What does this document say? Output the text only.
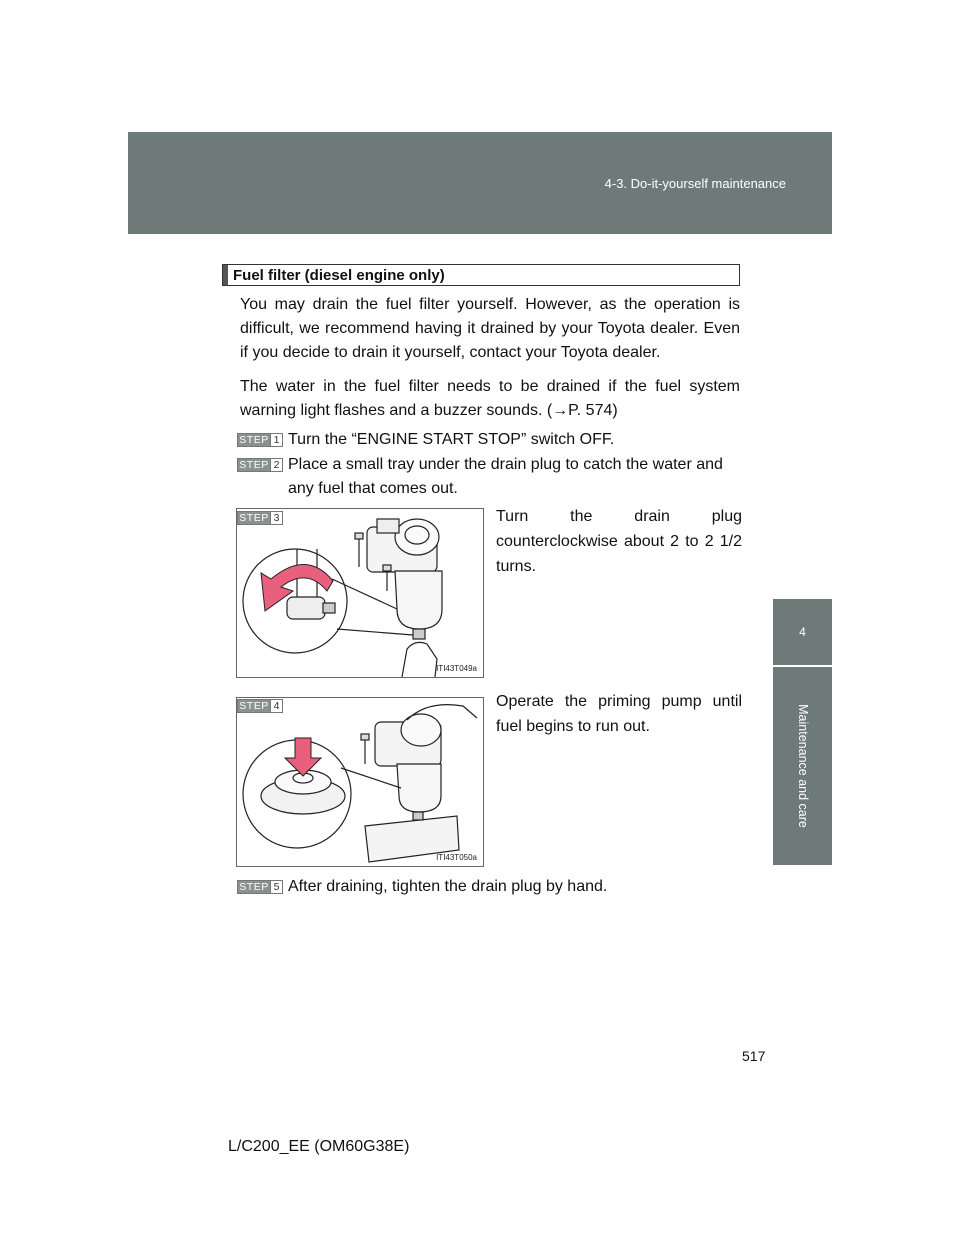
4-3. Do-it-yourself maintenance
4
Maintenance and care
Fuel filter (diesel engine only)

You may drain the fuel filter yourself. However, as the operation is difficult, we recommend having it drained by your Toyota dealer. Even if you decide to drain it yourself, contact your Toyota dealer.

The water in the fuel filter needs to be drained if the fuel system warning light flashes and a buzzer sounds. (→P. 574)

STEP 1 Turn the “ENGINE START STOP” switch OFF.

STEP 2 Place a small tray under the drain plug to catch the water and any fuel that comes out.

ITI43T049a
STEP 3	Turn the drain plug counterclockwise about 2 to 2 1/2 turns.

ITI43T050a
STEP 4	Operate the priming pump until fuel begins to run out.

STEP 5 After draining, tighten the drain plug by hand.

517
L/C200_EE (OM60G38E)
